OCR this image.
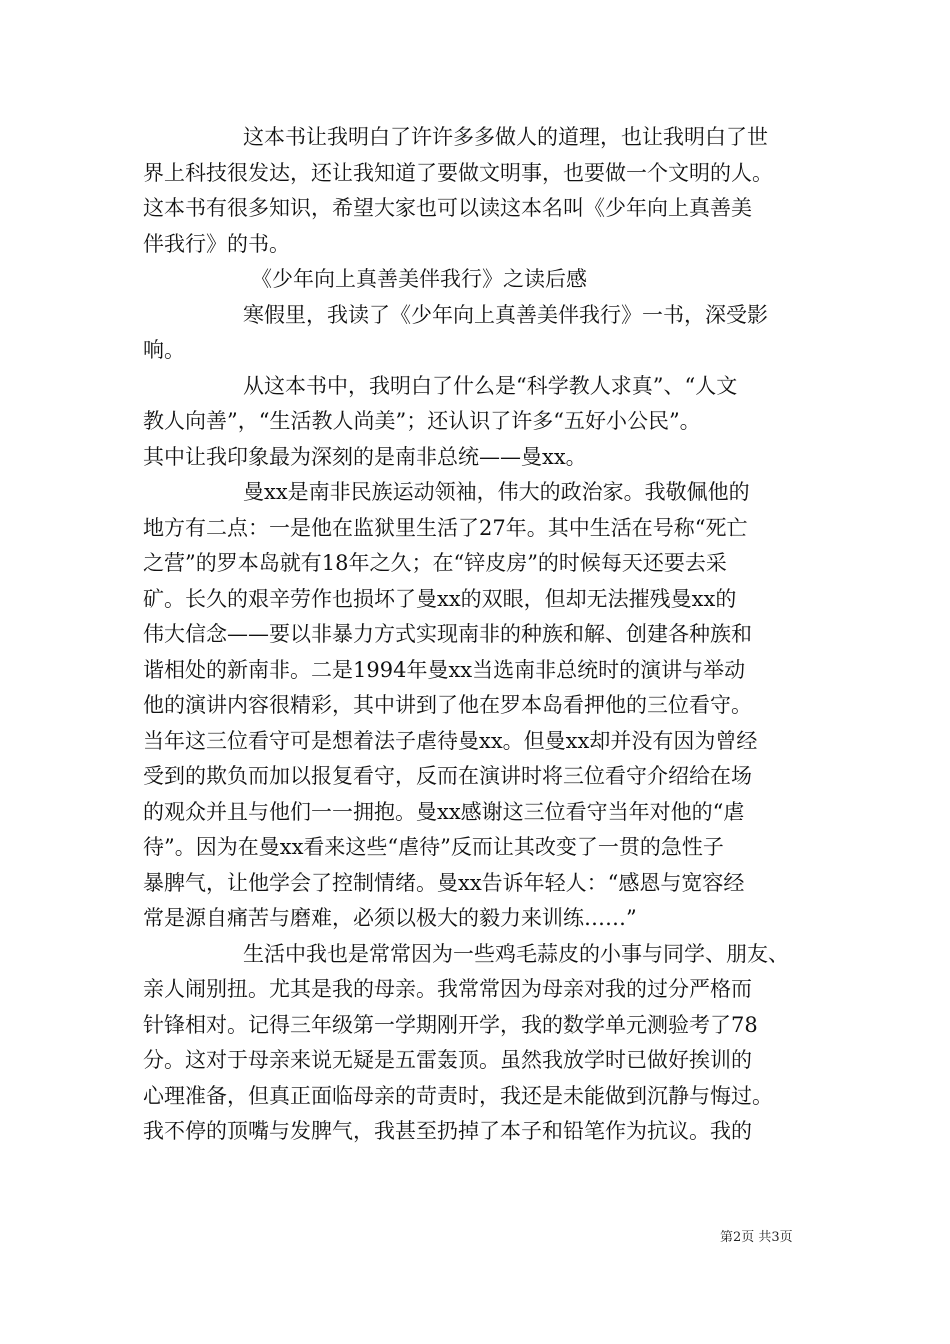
这本书让我明白了许许多多做人的道理，也让我明白了世
界上科技很发达，还让我知道了要做文明事，也要做一个文明的人。
这本书有很多知识，希望大家也可以读这本名叫《少年向上真善美
伴我行》的书。
《少年向上真善美伴我行》之读后感
寒假里，我读了《少年向上真善美伴我行》一书，深受影
响。
从这本书中，我明白了什么是“科学教人求真”、“人文
教人向善”，“生活教人尚美”；还认识了许多“五好小公民”。
其中让我印象最为深刻的是南非总统——曼xx。
曼xx是南非民族运动领袖，伟大的政治家。我敬佩他的
地方有二点：一是他在监狱里生活了27年。其中生活在号称“死亡
之营”的罗本岛就有18年之久；在“锌皮房”的时候每天还要去采
矿。长久的艰辛劳作也损坏了曼xx的双眼，但却无法摧残曼xx的
伟大信念——要以非暴力方式实现南非的种族和解、创建各种族和
谐相处的新南非。二是1994年曼xx当选南非总统时的演讲与举动
他的演讲内容很精彩，其中讲到了他在罗本岛看押他的三位看守。
当年这三位看守可是想着法子虐待曼xx。但曼xx却并没有因为曾经
受到的欺负而加以报复看守，反而在演讲时将三位看守介绍给在场
的观众并且与他们一一拥抱。曼xx感谢这三位看守当年对他的“虐
待”。因为在曼xx看来这些“虐待”反而让其改变了一贯的急性子
暴脾气，让他学会了控制情绪。曼xx告诉年轻人：“感恩与宽容经
常是源自痛苦与磨难，必须以极大的毅力来训练……”
生活中我也是常常因为一些鸡毛蒜皮的小事与同学、朋友、
亲人闹别扭。尤其是我的母亲。我常常因为母亲对我的过分严格而
针锋相对。记得三年级第一学期刚开学，我的数学单元测验考了78
分。这对于母亲来说无疑是五雷轰顶。虽然我放学时已做好挨训的
心理准备，但真正面临母亲的苛责时，我还是未能做到沉静与悔过。
我不停的顶嘴与发脾气，我甚至扔掉了本子和铅笔作为抗议。我的
第2页 共3页
